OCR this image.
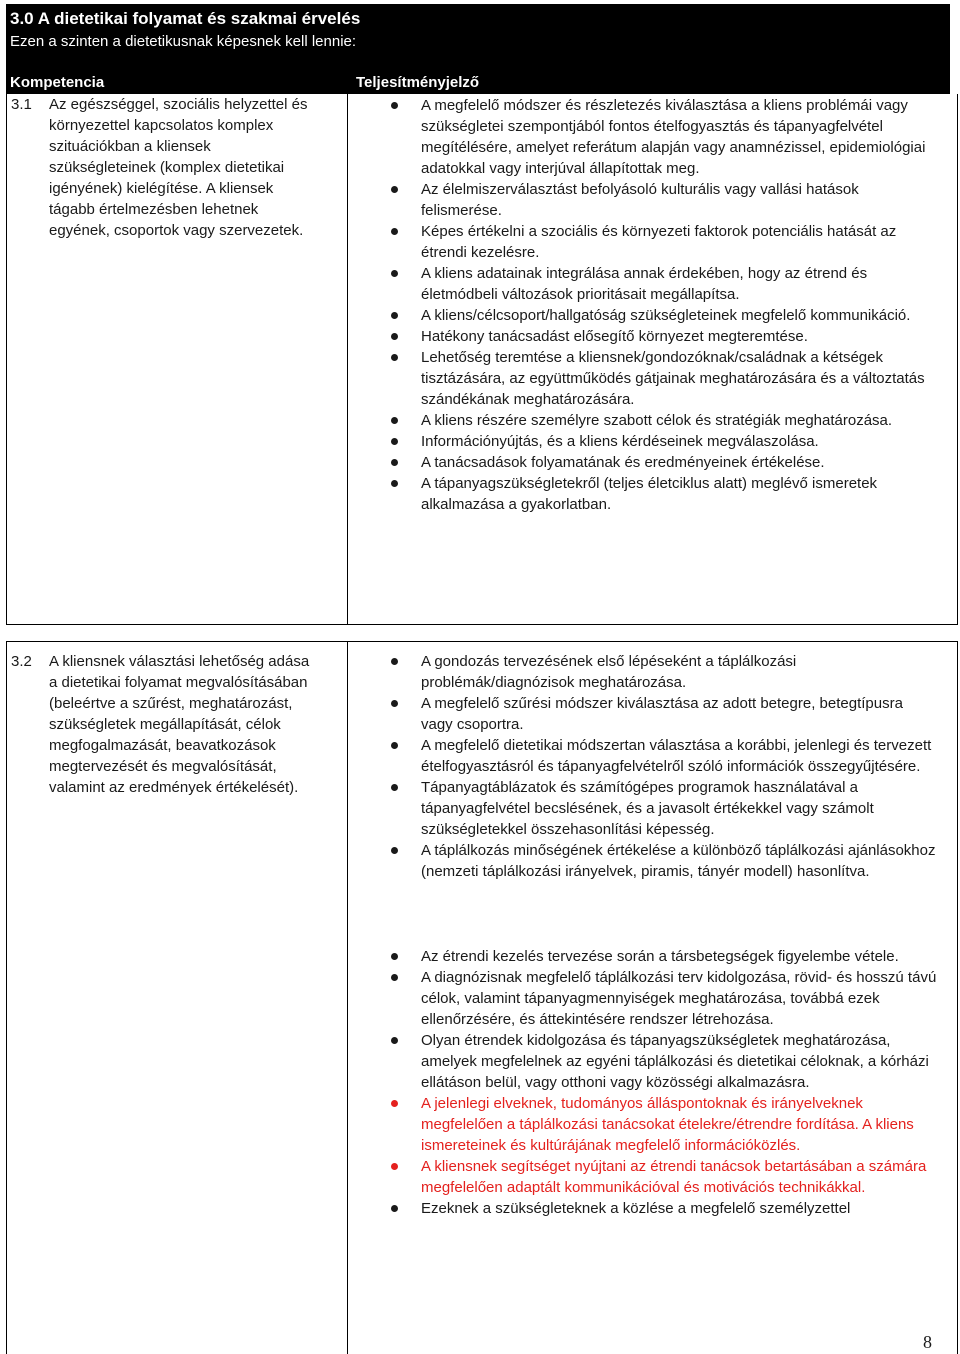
3.0 A dietetikai folyamat és szakmai érvelés
Ezen a szinten a dietetikusnak képesnek kell lennie:
Kompetencia	Teljesítményjelző
3.1 Az egészséggel, szociális helyzettel és környezettel kapcsolatos komplex szituációkban a kliensek szükségleteinek (komplex dietetikai igényének) kielégítése. A kliensek tágabb értelmezésben lehetnek egyének, csoportok vagy szervezetek.
A megfelelő módszer és részletezés kiválasztása a kliens problémái vagy szükségletei szempontjából fontos ételfogyasztás és tápanyagfelvétel megítélésére, amelyet referátum alapján vagy anamnézissel, epidemiológiai adatokkal vagy interjúval állapítottak meg.
Az élelmiszerválasztást befolyásoló kulturális vagy vallási hatások felismerése.
Képes értékelni a szociális és környezeti faktorok potenciális hatását az étrendi kezelésre.
A kliens adatainak integrálása annak érdekében, hogy az étrend és életmódbeli változások prioritásait megállapítsa.
A kliens/célcsoport/hallgatóság szükségleteinek megfelelő kommunikáció.
Hatékony tanácsadást elősegítő környezet megteremtése.
Lehetőség teremtése a kliensnek/gondozóknak/családnak a kétségek tisztázására, az együttműködés gátjainak meghatározására és a változtatás szándékának meghatározására.
A kliens részére személyre szabott célok és stratégiák meghatározása.
Információnyújtás, és a kliens kérdéseinek megválaszolása.
A tanácsadások folyamatának és eredményeinek értékelése.
A tápanyagszükségletekről (teljes életciklus alatt) meglévő ismeretek alkalmazása a gyakorlatban.
3.2 A kliensnek választási lehetőség adása a dietetikai folyamat megvalósításában (beleértve a szűrést, meghatározást, szükségletek megállapítását, célok megfogalmazását, beavatkozások megtervezését és megvalósítását, valamint az eredmények értékelését).
A gondozás tervezésének első lépéseként a táplálkozási problémák/diagnózisok meghatározása.
A megfelelő szűrési módszer kiválasztása az adott betegre, betegtípusra vagy csoportra.
A megfelelő dietetikai módszertan választása a korábbi, jelenlegi és tervezett ételfogyasztásról és tápanyagfelvételről szóló információk összegyűjtésére.
Tápanyagtáblázatok és számítógépes programok használatával a tápanyagfelvétel becslésének, és a javasolt értékekkel vagy számolt szükségletekkel összehasonlítási képesség.
A táplálkozás minőségének értékelése a különböző táplálkozási ajánlásokhoz (nemzeti táplálkozási irányelvek, piramis, tányér modell) hasonlítva.
Az étrendi kezelés tervezése során a társbetegségek figyelembe vétele.
A diagnózisnak megfelelő táplálkozási terv kidolgozása, rövid- és hosszú távú célok, valamint tápanyagmennyiségek meghatározása, továbbá ezek ellenőrzésére, és áttekintésére rendszer létrehozása.
Olyan étrendek kidolgozása és tápanyagszükségletek meghatározása, amelyek megfelelnek az egyéni táplálkozási és dietetikai céloknak, a kórházi ellátáson belül, vagy otthoni vagy közösségi alkalmazásra.
A jelenlegi elveknek, tudományos álláspontoknak és irányelveknek megfelelően a táplálkozási tanácsokat ételekre/étrendre fordítása. A kliens ismereteinek és kultúrájának megfelelő információközlés.
A kliensnek segítséget nyújtani az étrendi tanácsok betartásában a számára megfelelően adaptált kommunikációval és motivációs technikákkal.
Ezeknek a szükségleteknek a közlése a megfelelő személyzettel
8
